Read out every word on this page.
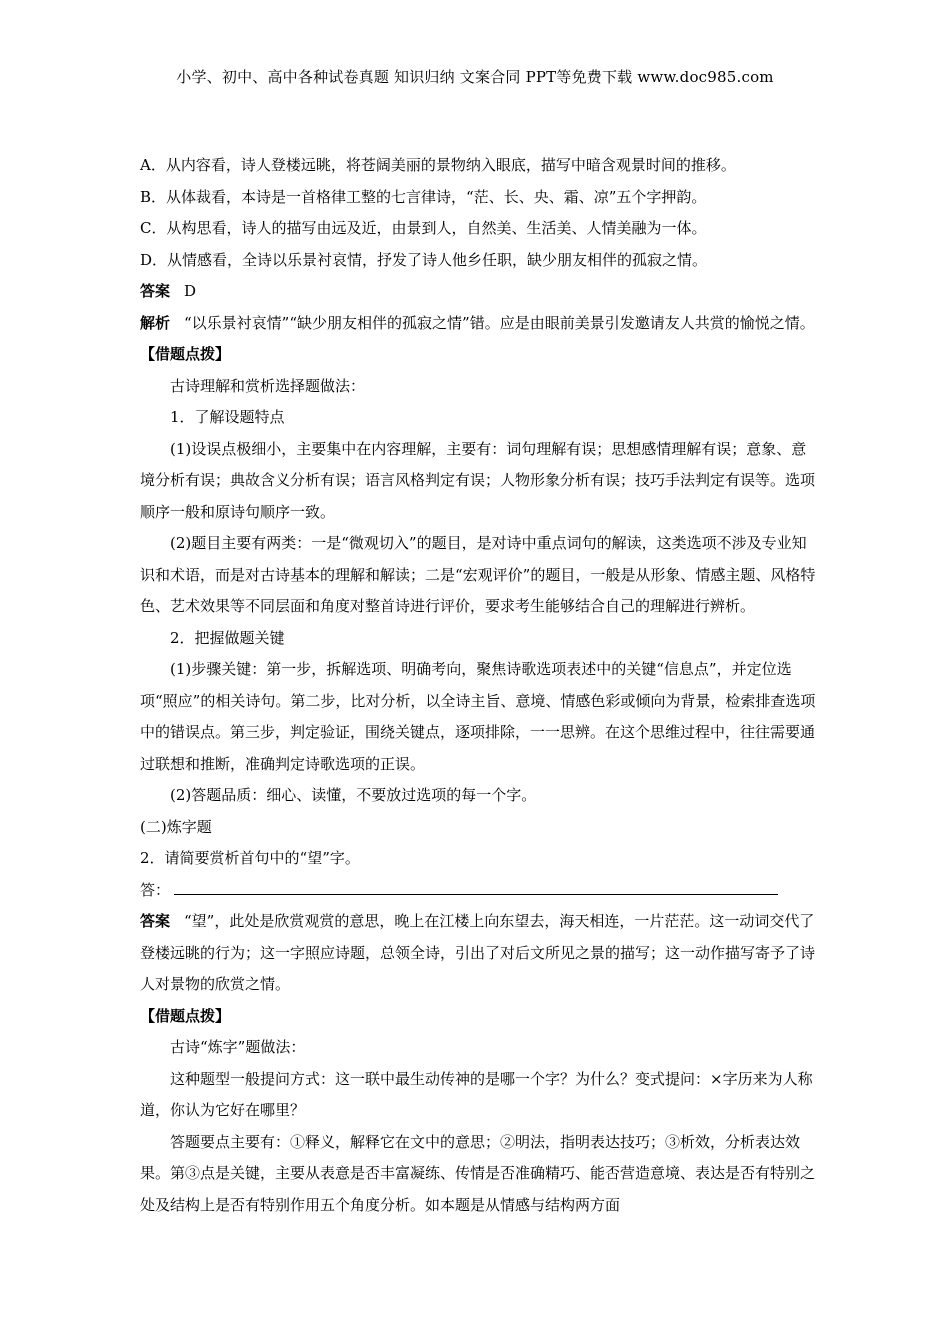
小学、初中、高中各种试卷真题 知识归纳 文案合同 PPT等免费下载 www.doc985.com

A．从内容看，诗人登楼远眺，将苍阔美丽的景物纳入眼底，描写中暗含观景时间的推移。

B．从体裁看，本诗是一首格律工整的七言律诗，“茫、长、央、霜、凉”五个字押韵。

C．从构思看，诗人的描写由远及近，由景到人，自然美、生活美、人情美融为一体。

D．从情感看，全诗以乐景衬哀情，抒发了诗人他乡任职，缺少朋友相伴的孤寂之情。

答案 D

解析 “以乐景衬哀情”“缺少朋友相伴的孤寂之情”错。应是由眼前美景引发邀请友人共赏的愉悦之情。

【借题点拨】

古诗理解和赏析选择题做法：

1．了解设题特点

(1)设误点极细小，主要集中在内容理解，主要有：词句理解有误；思想感情理解有误；意象、意境分析有误；典故含义分析有误；语言风格判定有误；人物形象分析有误；技巧手法判定有误等。选项顺序一般和原诗句顺序一致。

(2)题目主要有两类：一是“微观切入”的题目，是对诗中重点词句的解读，这类选项不涉及专业知识和术语，而是对古诗基本的理解和解读；二是“宏观评价”的题目，一般是从形象、情感主题、风格特色、艺术效果等不同层面和角度对整首诗进行评价，要求考生能够结合自己的理解进行辨析。

2．把握做题关键

(1)步骤关键：第一步，拆解选项、明确考向，聚焦诗歌选项表述中的关键“信息点”，并定位选项“照应”的相关诗句。第二步，比对分析，以全诗主旨、意境、情感色彩或倾向为背景，检索排查选项中的错误点。第三步，判定验证，围绕关键点，逐项排除，一一思辨。在这个思维过程中，往往需要通过联想和推断，准确判定诗歌选项的正误。

(2)答题品质：细心、读懂，不要放过选项的每一个字。

(二)炼字题

2．请简要赏析首句中的“望”字。

答：

答案 “望”，此处是欣赏观赏的意思，晚上在江楼上向东望去，海天相连，一片茫茫。这一动词交代了登楼远眺的行为；这一字照应诗题，总领全诗，引出了对后文所见之景的描写；这一动作描写寄予了诗人对景物的欣赏之情。

【借题点拨】

古诗“炼字”题做法：

这种题型一般提问方式：这一联中最生动传神的是哪一个字？为什么？变式提问：×字历来为人称道，你认为它好在哪里？

答题要点主要有：①释义，解释它在文中的意思；②明法，指明表达技巧；③析效，分析表达效果。第③点是关键，主要从表意是否丰富凝练、传情是否准确精巧、能否营造意境、表达是否有特别之处及结构上是否有特别作用五个角度分析。如本题是从情感与结构两方面
